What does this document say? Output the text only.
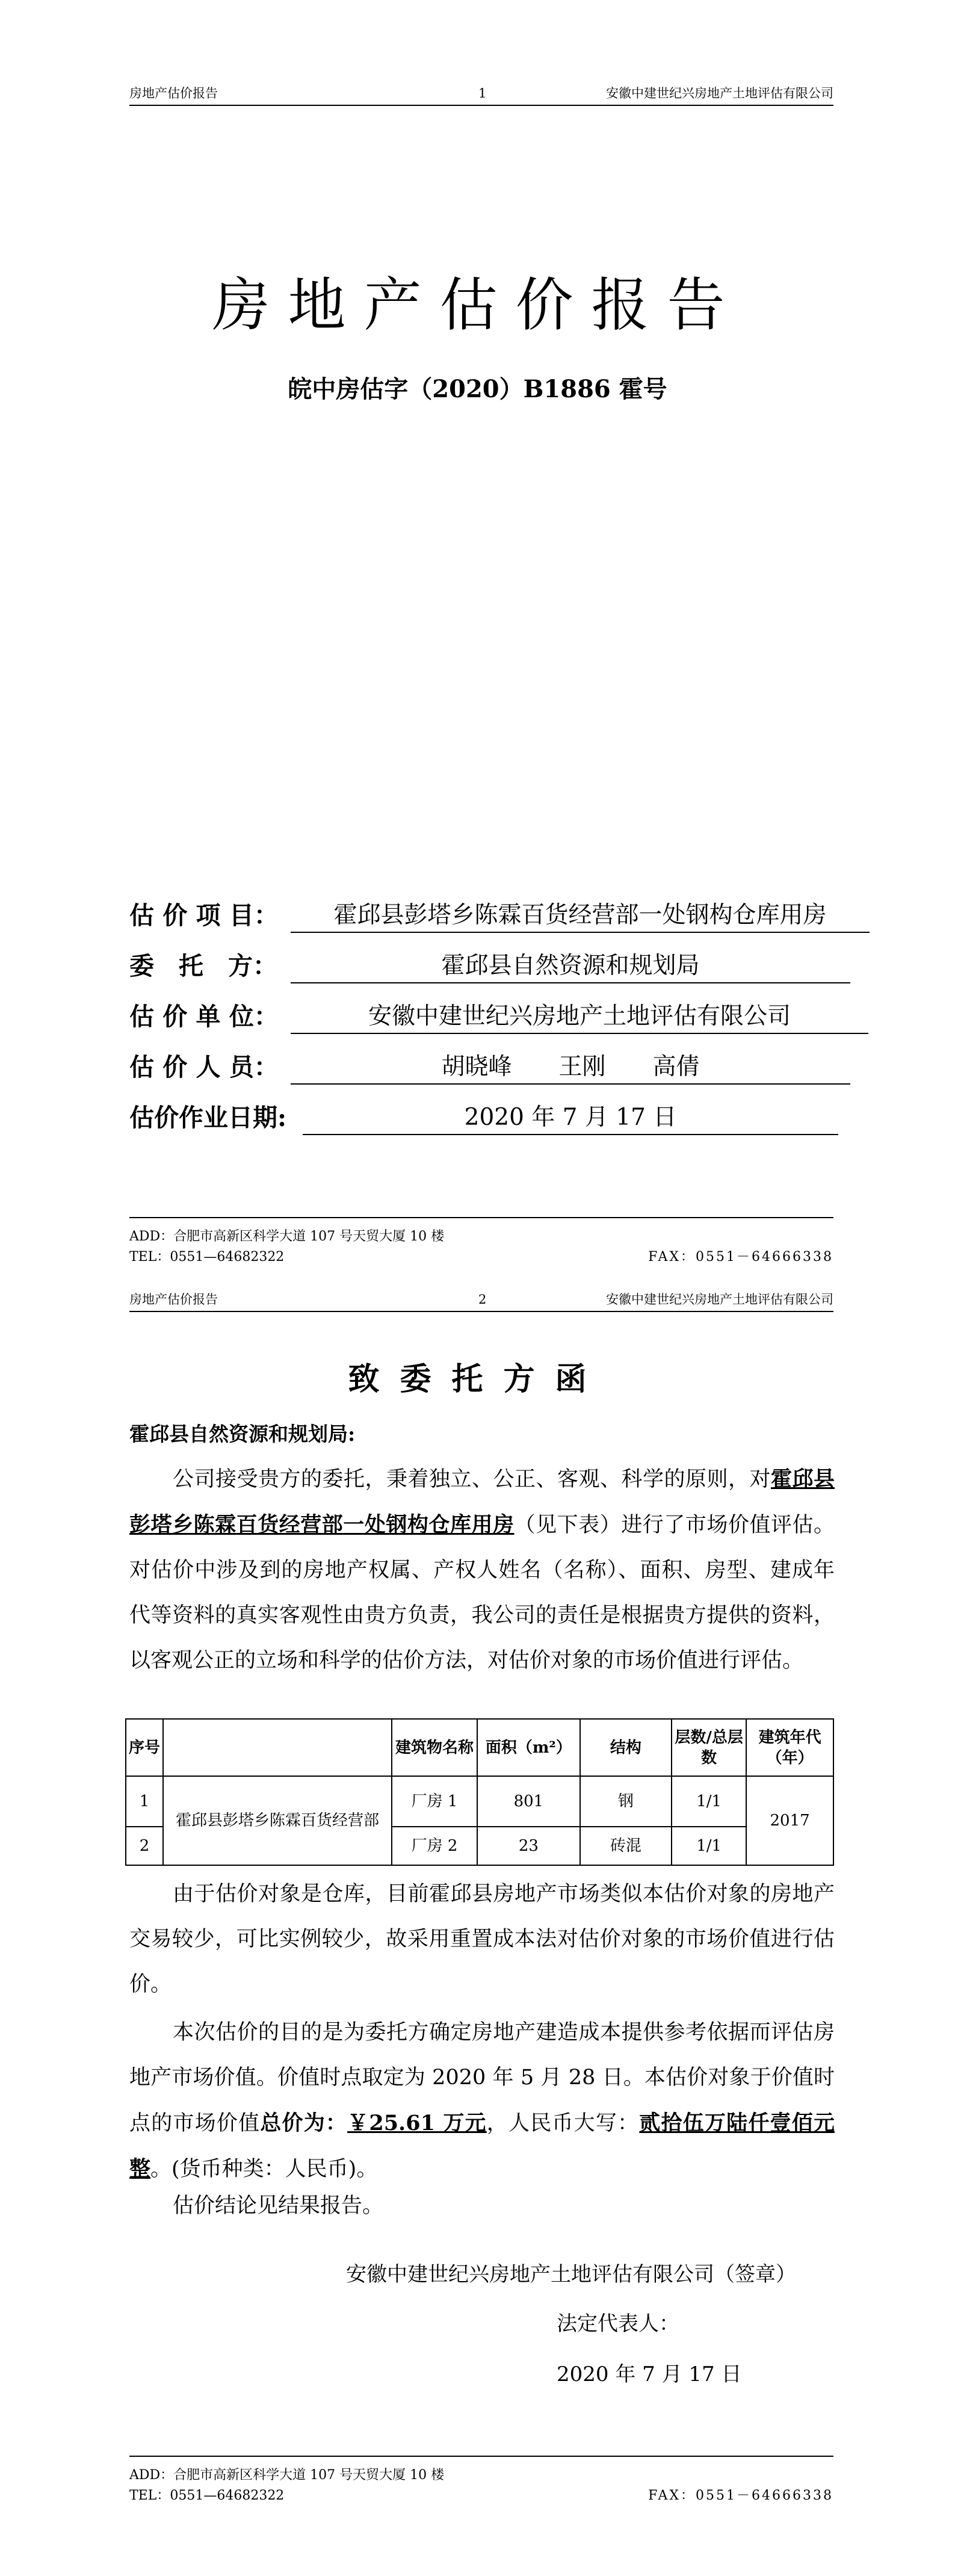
房地产估价报告	1	安徽中建世纪兴房地产土地评估有限公司
房地产估价报告
皖中房估字（2020）B1886 霍号
估 价 项 目：	霍邱县彭塔乡陈霖百货经营部一处钢构仓库用房
委　托　方：	霍邱县自然资源和规划局
估 价 单 位：	安徽中建世纪兴房地产土地评估有限公司
估 价 人 员：	胡晓峰　　王刚　　高倩
估价作业日期:	2020 年 7 月 17 日
ADD：合肥市高新区科学大道 107 号天贸大厦 10 楼
TEL：0551—64682322	FAX：0551－64666338
房地产估价报告	2	安徽中建世纪兴房地产土地评估有限公司
致委托方函
霍邱县自然资源和规划局:
公司接受贵方的委托，秉着独立、公正、客观、科学的原则，对霍邱县彭塔乡陈霖百货经营部一处钢构仓库用房（见下表）进行了市场价值评估。对估价中涉及到的房地产权属、产权人姓名（名称）、面积、房型、建成年代等资料的真实客观性由贵方负责，我公司的责任是根据贵方提供的资料，以客观公正的立场和科学的估价方法，对估价对象的市场价值进行评估。
序号		建筑物名称	面积（m²）	结构	层数/总层数	建筑年代（年）
1	霍邱县彭塔乡陈霖百货经营部	厂房 1	801	钢	1/1	2017
2		厂房 2	23	砖混	1/1	
由于估价对象是仓库，目前霍邱县房地产市场类似本估价对象的房地产交易较少，可比实例较少，故采用重置成本法对估价对象的市场价值进行估价。
本次估价的目的是为委托方确定房地产建造成本提供参考依据而评估房地产市场价值。价值时点取定为 2020 年 5 月 28 日。本估价对象于价值时点的市场价值总价为：￥25.61 万元，人民币大写：贰拾伍万陆仟壹佰元整。(货币种类：人民币)。
估价结论见结果报告。
安徽中建世纪兴房地产土地评估有限公司（签章）
法定代表人：
2020 年 7 月 17 日
ADD：合肥市高新区科学大道 107 号天贸大厦 10 楼
TEL：0551—64682322	FAX：0551－64666338
